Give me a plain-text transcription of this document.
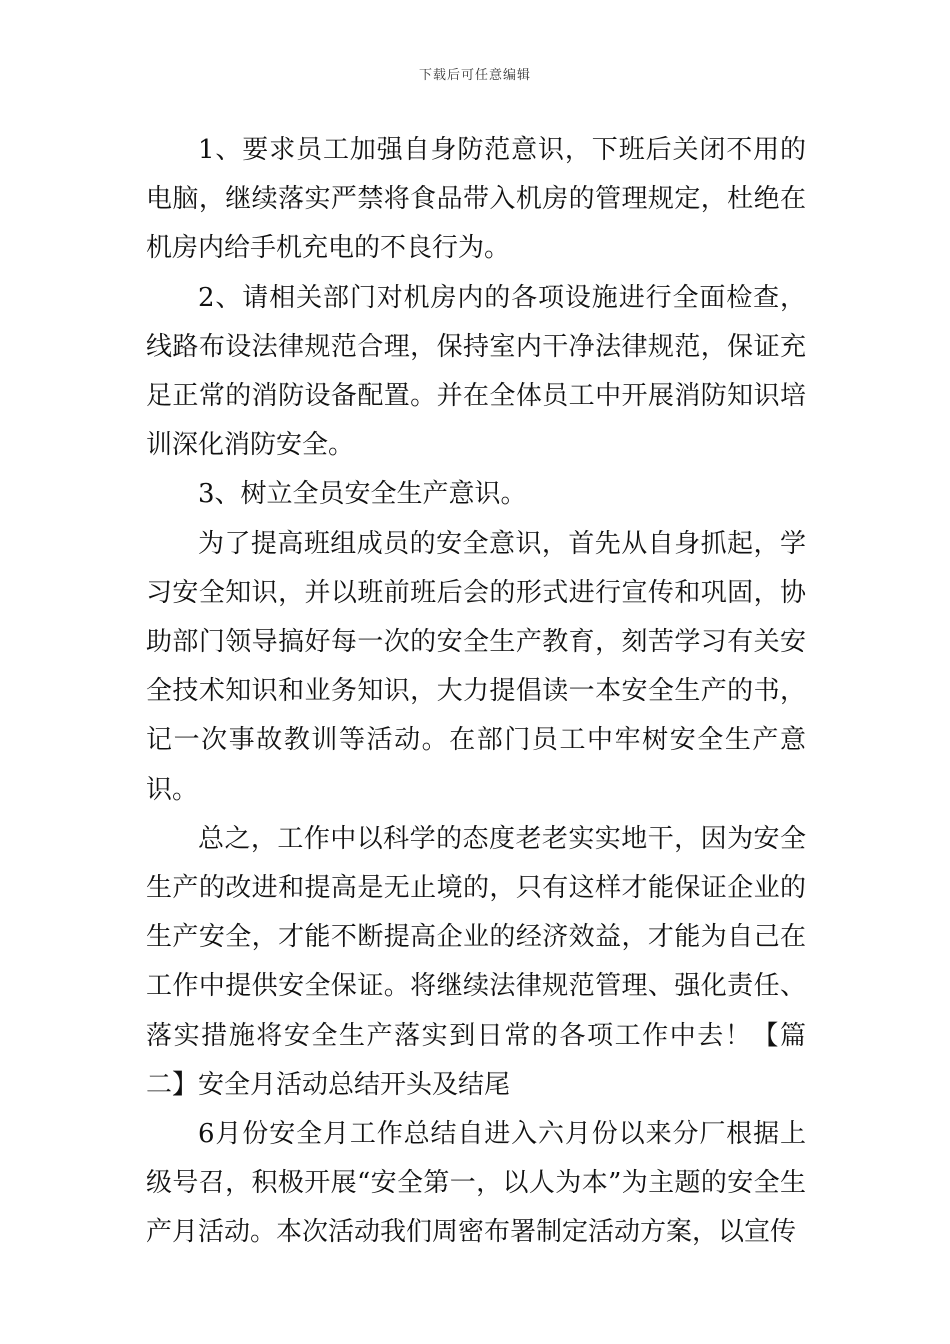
下载后可任意编辑

1、要求员工加强自身防范意识，下班后关闭不用的电脑，继续落实严禁将食品带入机房的管理规定，杜绝在机房内给手机充电的不良行为。

2、请相关部门对机房内的各项设施进行全面检查，线路布设法律规范合理，保持室内干净法律规范，保证充足正常的消防设备配置。并在全体员工中开展消防知识培训深化消防安全。

3、树立全员安全生产意识。

为了提高班组成员的安全意识，首先从自身抓起，学习安全知识，并以班前班后会的形式进行宣传和巩固，协助部门领导搞好每一次的安全生产教育，刻苦学习有关安全技术知识和业务知识，大力提倡读一本安全生产的书，记一次事故教训等活动。在部门员工中牢树安全生产意识。

总之，工作中以科学的态度老老实实地干，因为安全生产的改进和提高是无止境的，只有这样才能保证企业的生产安全，才能不断提高企业的经济效益，才能为自己在工作中提供安全保证。将继续法律规范管理、强化责任、落实措施将安全生产落实到日常的各项工作中去！【篇二】安全月活动总结开头及结尾

6月份安全月工作总结自进入六月份以来分厂根据上级号召，积极开展“安全第一，以人为本”为主题的安全生产月活动。本次活动我们周密布署制定活动方案，以宣传
